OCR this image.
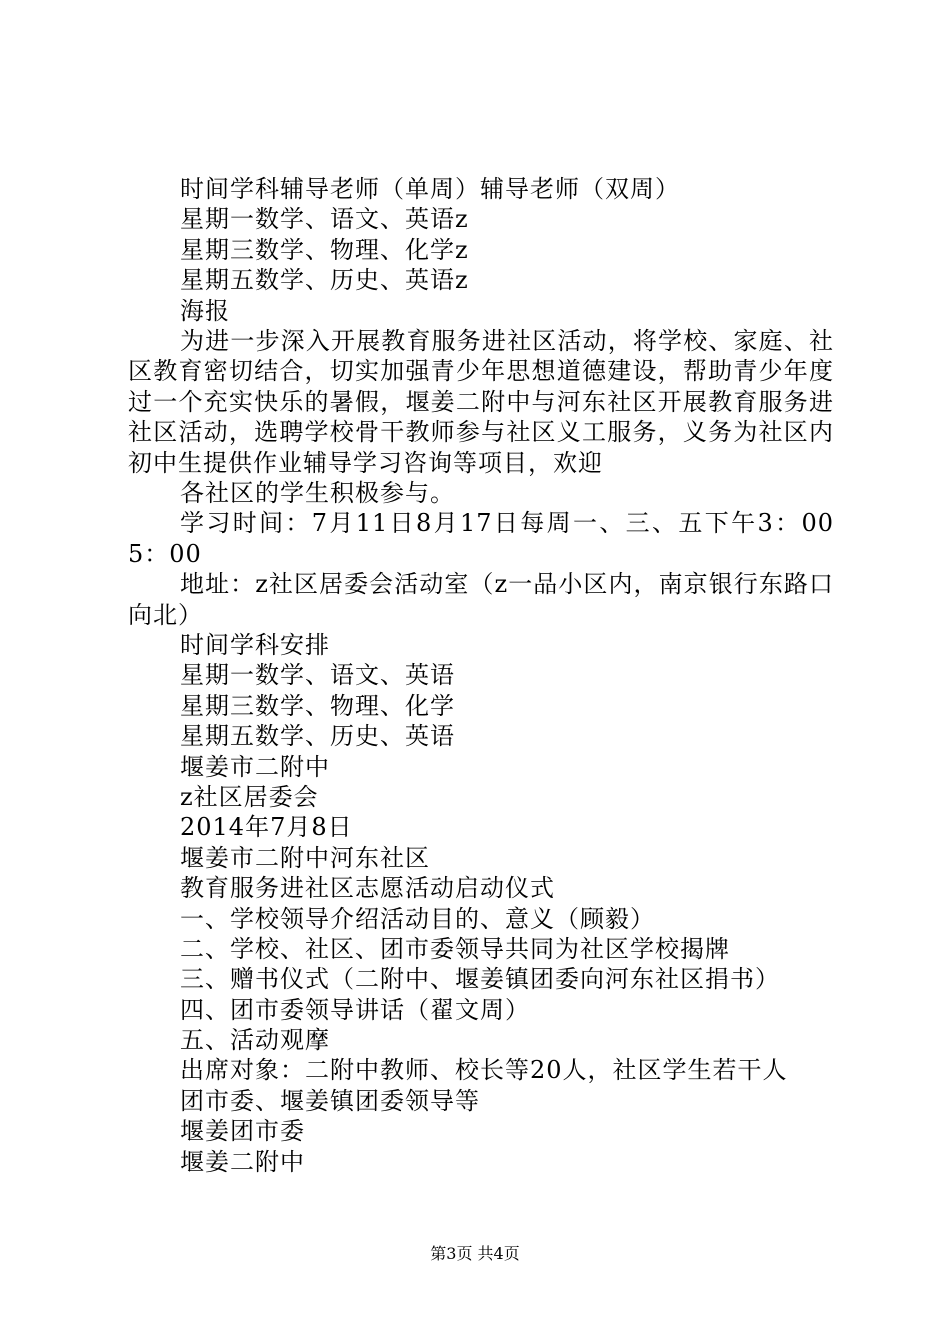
时间学科辅导老师（单周）辅导老师（双周）
星期一数学、语文、英语z
星期三数学、物理、化学z
星期五数学、历史、英语z
海报

为进一步深入开展教育服务进社区活动，将学校、家庭、社区教育密切结合，切实加强青少年思想道德建设，帮助青少年度过一个充实快乐的暑假，堰姜二附中与河东社区开展教育服务进社区活动，选聘学校骨干教师参与社区义工服务，义务为社区内初中生提供作业辅导学习咨询等项目，欢迎

各社区的学生积极参与。

学习时间：7月11日8月17日每周一、三、五下午3：005：00

地址：z社区居委会活动室（z一品小区内，南京银行东路口向北）

时间学科安排
星期一数学、语文、英语
星期三数学、物理、化学
星期五数学、历史、英语
堰姜市二附中
z社区居委会
2014年7月8日
堰姜市二附中河东社区
教育服务进社区志愿活动启动仪式
一、学校领导介绍活动目的、意义（顾毅）
二、学校、社区、团市委领导共同为社区学校揭牌
三、赠书仪式（二附中、堰姜镇团委向河东社区捐书）
四、团市委领导讲话（翟文周）
五、活动观摩
出席对象：二附中教师、校长等20人，社区学生若干人
团市委、堰姜镇团委领导等
堰姜团市委
堰姜二附中
第3页 共4页
